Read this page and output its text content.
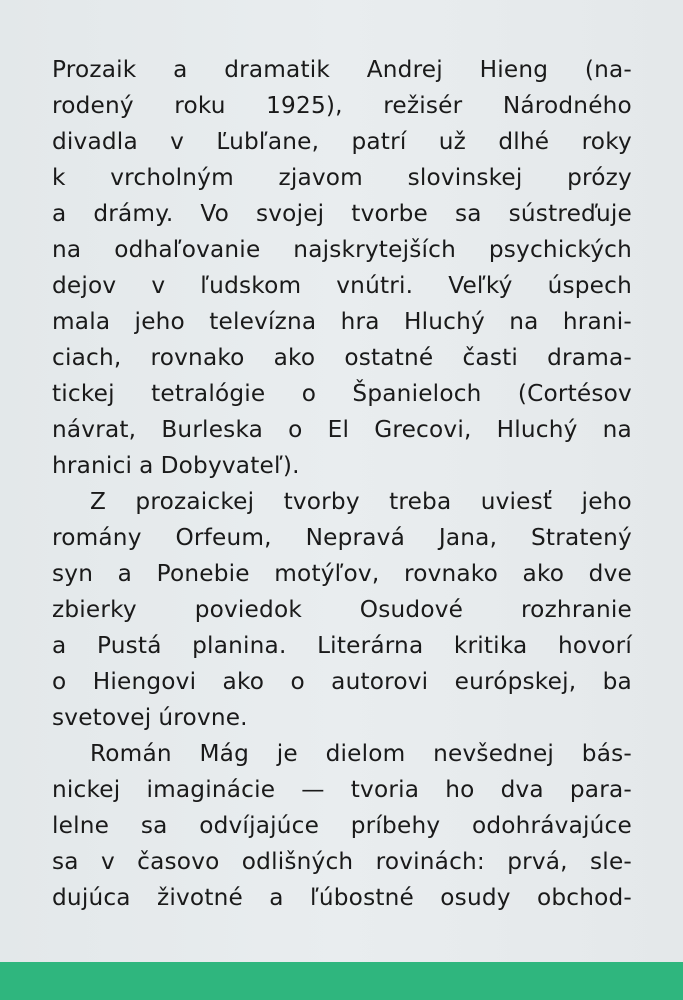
Prozaik a dramatik Andrej Hieng (na-
rodený roku 1925), režisér Národného
divadla v Ľubľane, patrí už dlhé roky
k vrcholným zjavom slovinskej prózy
a drámy. Vo svojej tvorbe sa sústreďuje
na odhaľovanie najskrytejších psychických
dejov v ľudskom vnútri. Veľký úspech
mala jeho televízna hra Hluchý na hrani-
ciach, rovnako ako ostatné časti drama-
tickej tetralógie o Španieloch (Cortésov
návrat, Burleska o El Grecovi, Hluchý na
hranici a Dobyvateľ).
Z prozaickej tvorby treba uviesť jeho
romány Orfeum, Nepravá Jana, Stratený
syn a Ponebie motýľov, rovnako ako dve
zbierky poviedok Osudové rozhranie
a Pustá planina. Literárna kritika hovorí
o Hiengovi ako o autorovi európskej, ba
svetovej úrovne.
Román Mág je dielom nevšednej bás-
nickej imaginácie — tvoria ho dva para-
lelne sa odvíjajúce príbehy odohrávajúce
sa v časovo odlišných rovinách: prvá, sle-
dujúca životné a ľúbostné osudy obchod-
